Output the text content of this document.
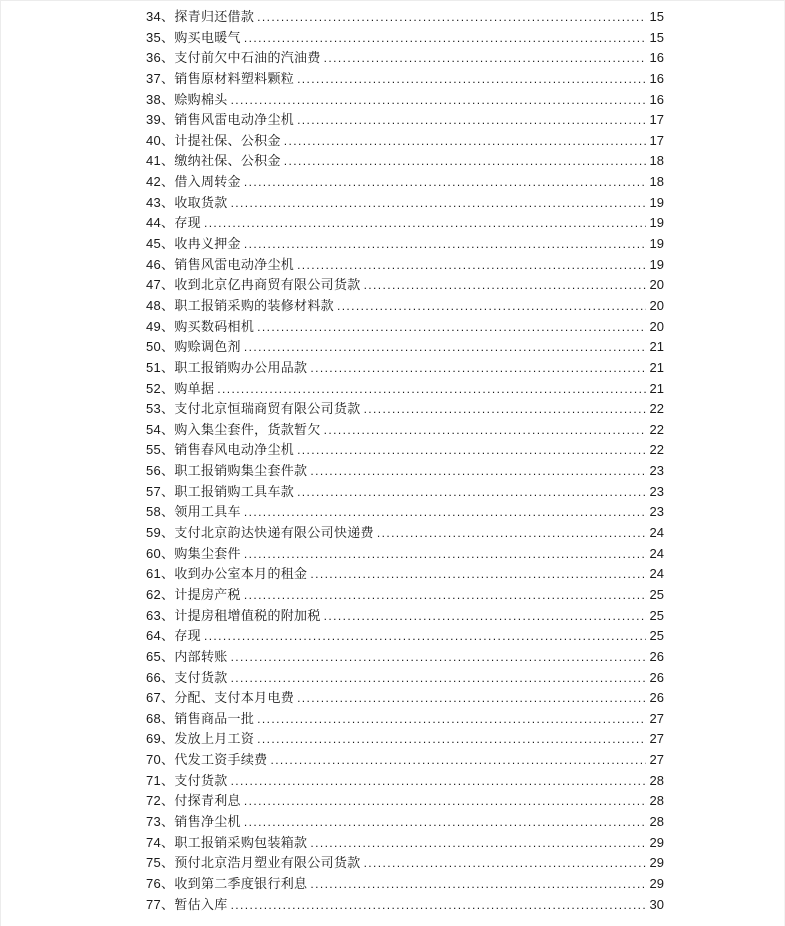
34、探青归还借款 .....	15
35、购买电暖气 .....	15
36、支付前欠中石油的汽油费 .....	16
37、销售原材料塑料颗粒 .....	16
38、赊购棉头 .....	16
39、销售风雷电动净尘机 .....	17
40、计提社保、公积金 .....	17
41、缴纳社保、公积金 .....	18
42、借入周转金 .....	18
43、收取货款 .....	19
44、存现 .....	19
45、收冉义押金 .....	19
46、销售风雷电动净尘机 .....	19
47、收到北京亿冉商贸有限公司货款 .....	20
48、职工报销采购的装修材料款 .....	20
49、购买数码相机 .....	20
50、购赊调色剂 .....	21
51、职工报销购办公用品款 .....	21
52、购单据 .....	21
53、支付北京恒瑞商贸有限公司货款 .....	22
54、购入集尘套件，货款暂欠 .....	22
55、销售春风电动净尘机 .....	22
56、职工报销购集尘套件款 .....	23
57、职工报销购工具车款 .....	23
58、领用工具车 .....	23
59、支付北京韵达快递有限公司快递费 .....	24
60、购集尘套件 .....	24
61、收到办公室本月的租金 .....	24
62、计提房产税 .....	25
63、计提房租增值税的附加税 .....	25
64、存现 .....	25
65、内部转账 .....	26
66、支付货款 .....	26
67、分配、支付本月电费 .....	26
68、销售商品一批 .....	27
69、发放上月工资 .....	27
70、代发工资手续费 .....	27
71、支付货款 .....	28
72、付探青利息 .....	28
73、销售净尘机 .....	28
74、职工报销采购包装箱款 .....	29
75、预付北京浩月塑业有限公司货款 .....	29
76、收到第二季度银行利息 .....	29
77、暂估入库 .....	30
